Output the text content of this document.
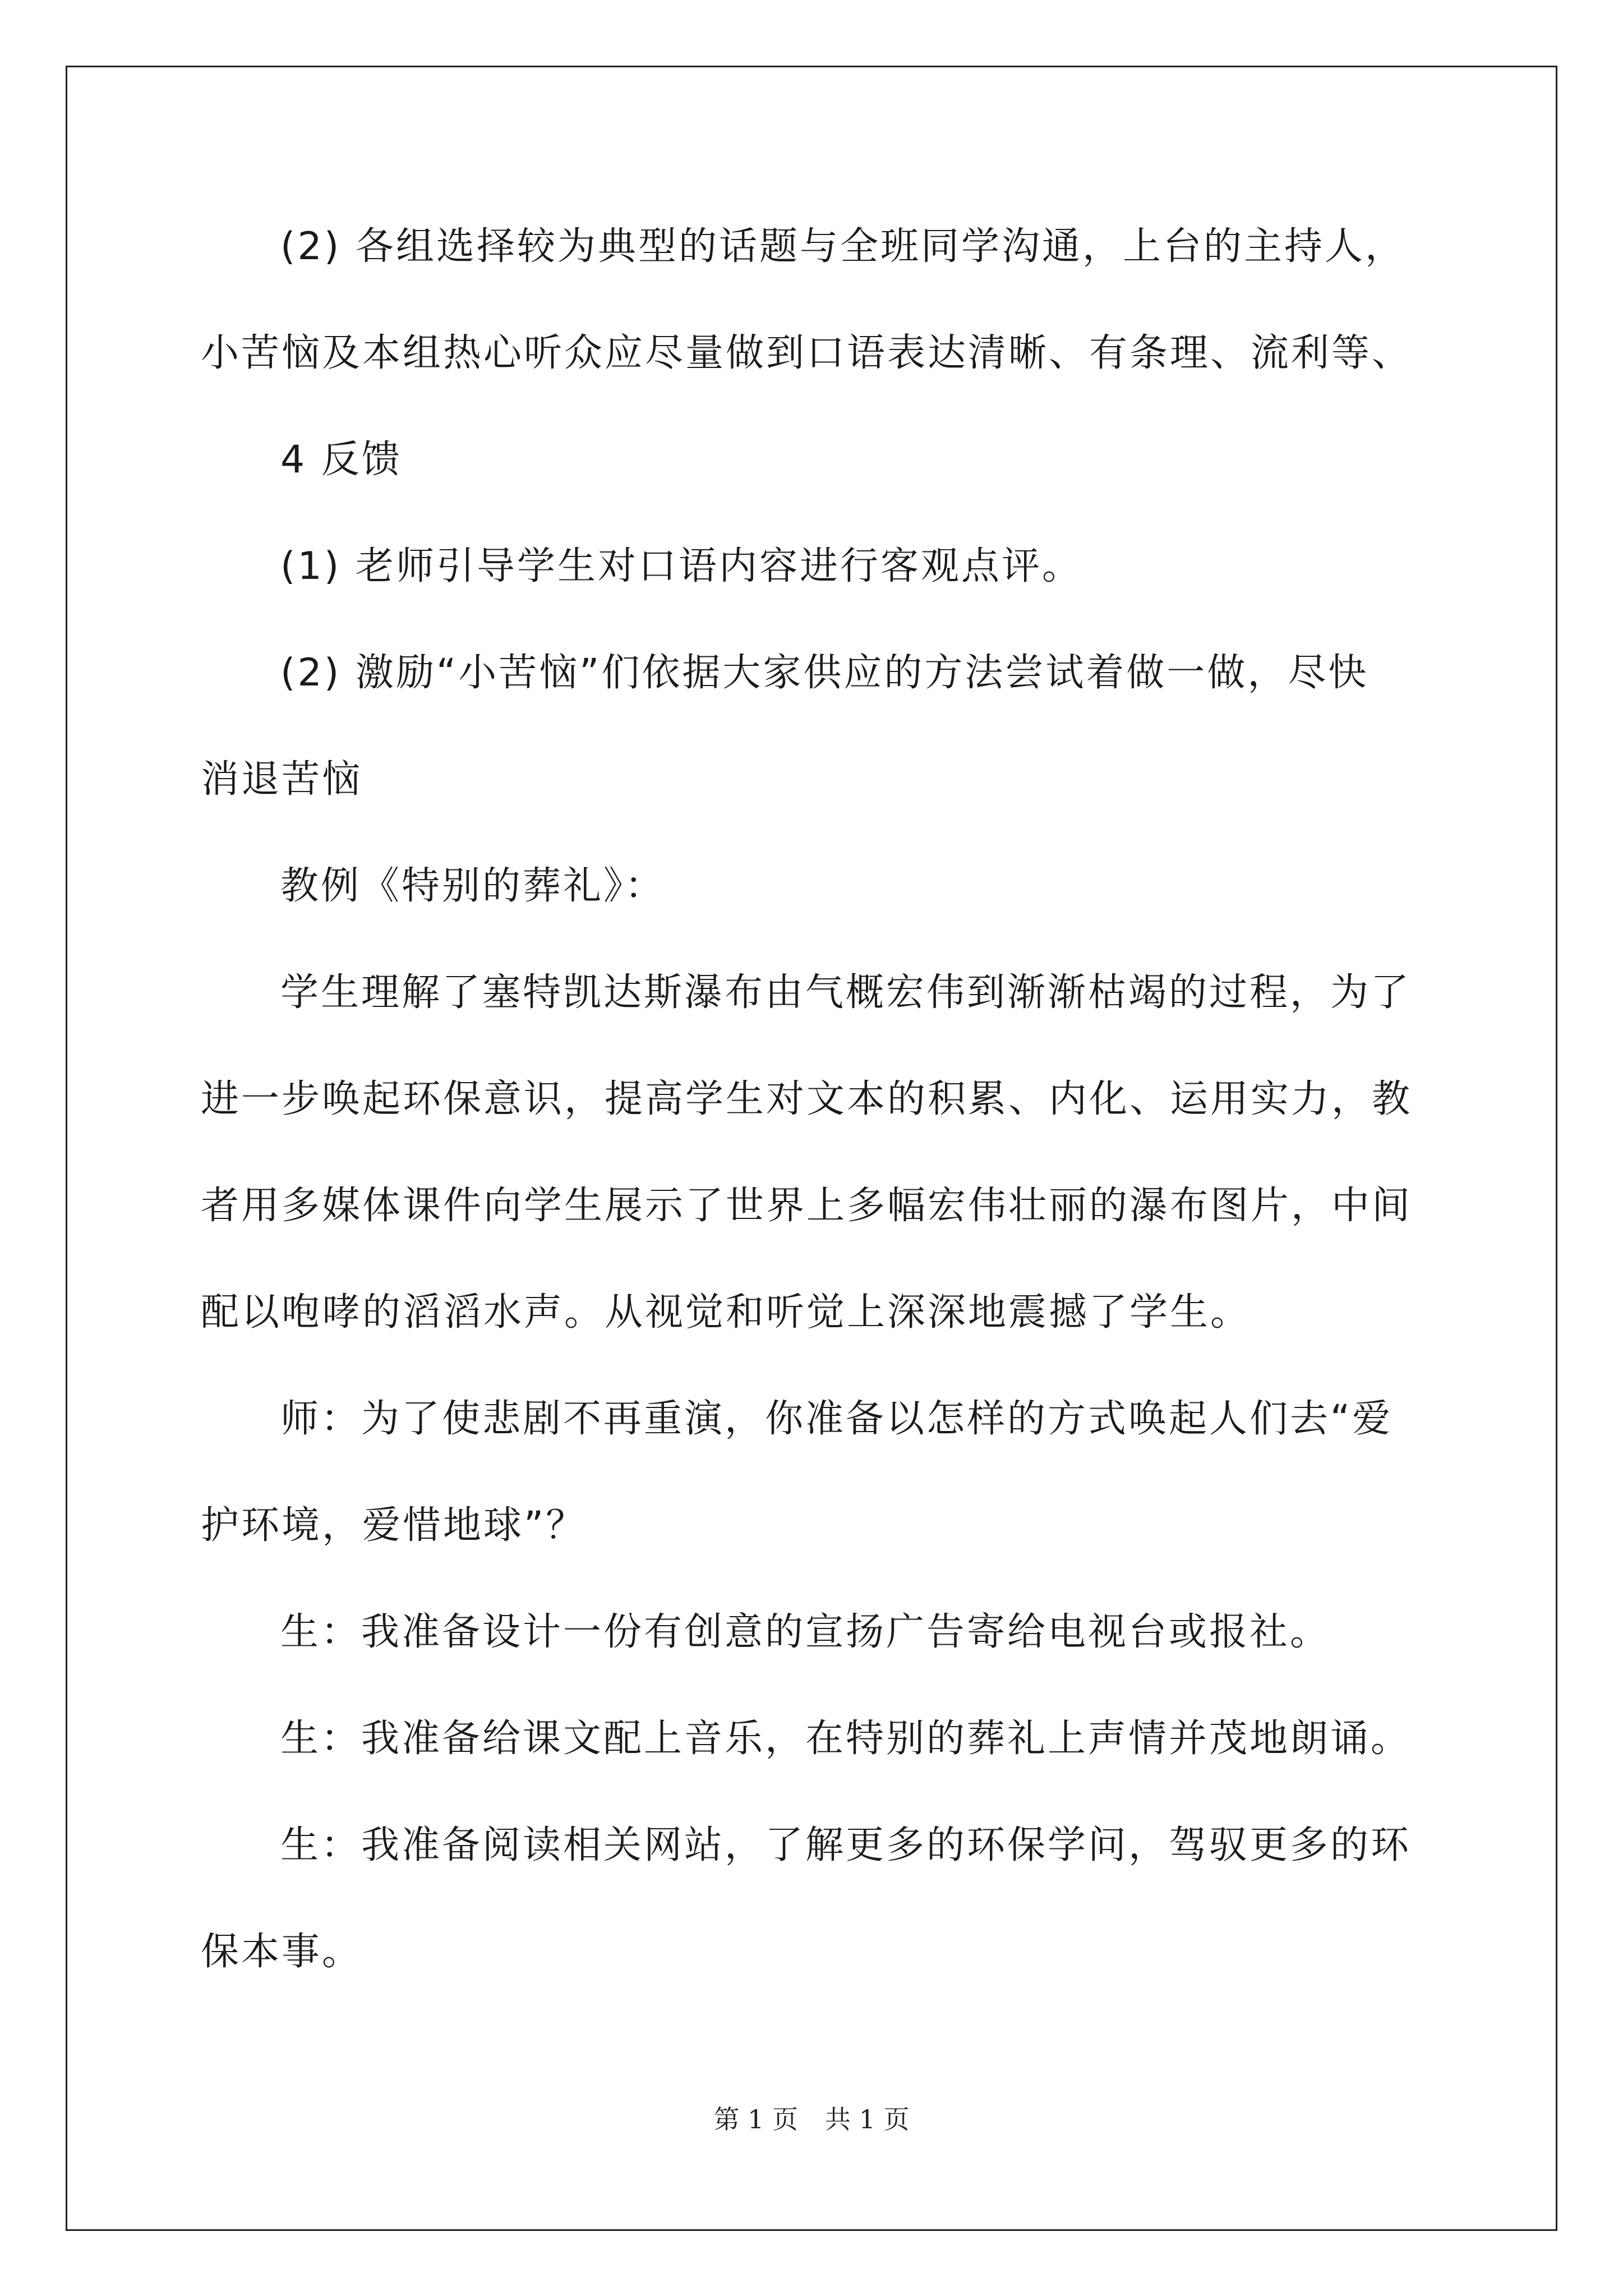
(2) 各组选择较为典型的话题与全班同学沟通，上台的主持人，
小苦恼及本组热心听众应尽量做到口语表达清晰、有条理、流利等、
4 反馈
(1) 老师引导学生对口语内容进行客观点评。
(2) 激励“小苦恼”们依据大家供应的方法尝试着做一做，尽快
消退苦恼
教例《特别的葬礼》：
学生理解了塞特凯达斯瀑布由气概宏伟到渐渐枯竭的过程，为了
进一步唤起环保意识，提高学生对文本的积累、内化、运用实力，教
者用多媒体课件向学生展示了世界上多幅宏伟壮丽的瀑布图片，中间
配以咆哮的滔滔水声。从视觉和听觉上深深地震撼了学生。
师：为了使悲剧不再重演，你准备以怎样的方式唤起人们去“爱
护环境，爱惜地球”？
生：我准备设计一份有创意的宣扬广告寄给电视台或报社。
生：我准备给课文配上音乐，在特别的葬礼上声情并茂地朗诵。
生：我准备阅读相关网站，了解更多的环保学问，驾驭更多的环
保本事。
第 1 页 共 1 页
